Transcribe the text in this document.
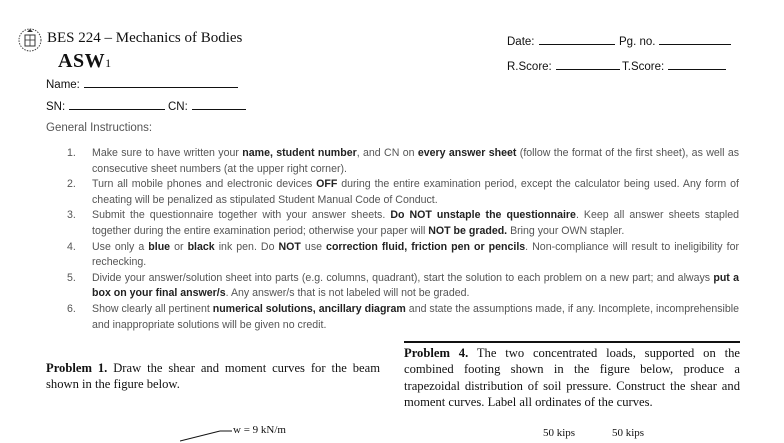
BES 224 – Mechanics of Bodies
ASW1
Date:	Pg. no.
R.Score:	T.Score:
Name:
SN:	CN:
General Instructions:
1. Make sure to have written your name, student number, and CN on every answer sheet (follow the format of the first sheet), as well as consecutive sheet numbers (at the upper right corner).
2. Turn all mobile phones and electronic devices OFF during the entire examination period, except the calculator being used. Any form of cheating will be penalized as stipulated Student Manual Code of Conduct.
3. Submit the questionnaire together with your answer sheets. Do NOT unstaple the questionnaire. Keep all answer sheets stapled together during the entire examination period; otherwise your paper will NOT be graded. Bring your OWN stapler.
4. Use only a blue or black ink pen. Do NOT use correction fluid, friction pen or pencils. Non-compliance will result to ineligibility for rechecking.
5. Divide your answer/solution sheet into parts (e.g. columns, quadrant), start the solution to each problem on a new part; and always put a box on your final answer/s. Any answer/s that is not labeled will not be graded.
6. Show clearly all pertinent numerical solutions, ancillary diagram and state the assumptions made, if any. Incomplete, incomprehensible and inappropriate solutions will be given no credit.
Problem 1. Draw the shear and moment curves for the beam shown in the figure below.
Problem 4. The two concentrated loads, supported on the combined footing shown in the figure below, produce a trapezoidal distribution of soil pressure. Construct the shear and moment curves. Label all ordinates of the curves.
w = 9 kN/m	50 kips	50 kips
